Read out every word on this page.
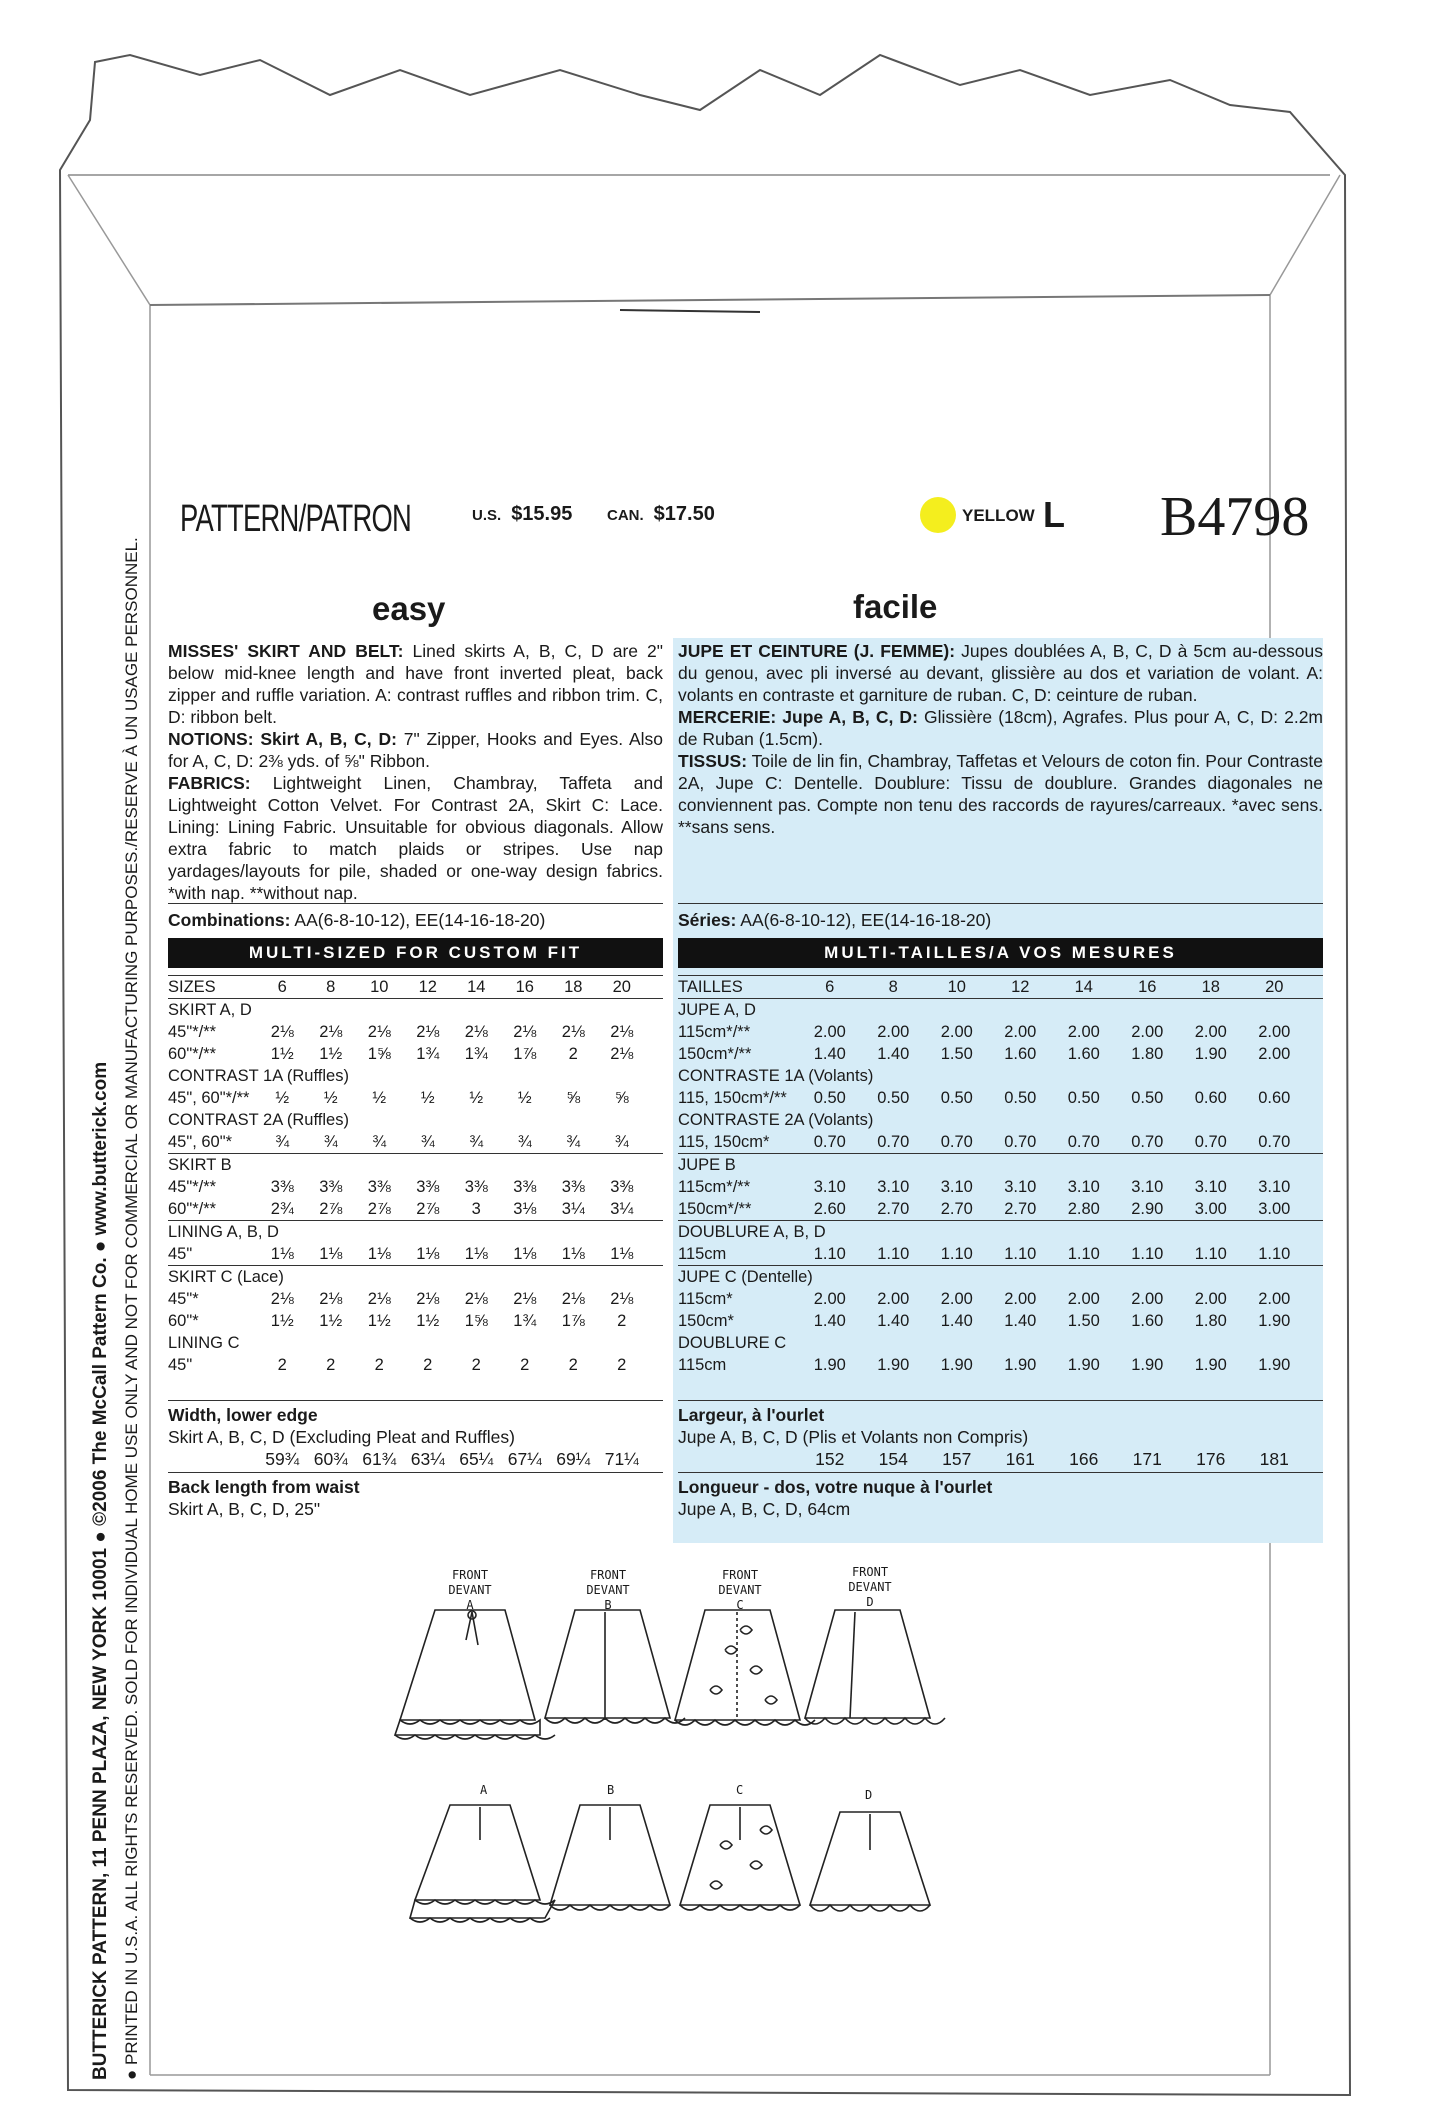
PATTERN/PATRON	U.S. $15.95 CAN. $17.50	YELLOW L B4798
easy	facile
MISSES' SKIRT AND BELT: Lined skirts A, B, C, D are 2" below mid-knee length and have front inverted pleat, back zipper and ruffle variation. A: contrast ruffles and ribbon trim. C, D: ribbon belt.
NOTIONS: Skirt A, B, C, D: 7" Zipper, Hooks and Eyes. Also for A, C, D: 2⅜ yds. of ⅝" Ribbon.
FABRICS: Lightweight Linen, Chambray, Taffeta and Lightweight Cotton Velvet. For Contrast 2A, Skirt C: Lace. Lining: Lining Fabric. Unsuitable for obvious diagonals. Allow extra fabric to match plaids or stripes. Use nap yardages/layouts for pile, shaded or one-way design fabrics. *with nap. **without nap.
JUPE ET CEINTURE (J. FEMME): Jupes doublées A, B, C, D à 5cm au-dessous du genou, avec pli inversé au devant, glissière au dos et variation de volant. A: volants en contraste et garniture de ruban. C, D: ceinture de ruban.
MERCERIE: Jupe A, B, C, D: Glissière (18cm), Agrafes. Plus pour A, C, D: 2.2m de Ruban (1.5cm).
TISSUS: Toile de lin fin, Chambray, Taffetas et Velours de coton fin. Pour Contraste 2A, Jupe C: Dentelle. Doublure: Tissu de doublure. Grandes diagonales ne conviennent pas. Compte non tenu des raccords de rayures/carreaux. *avec sens. **sans sens.
Combinations: AA(6-8-10-12), EE(14-16-18-20)	Séries: AA(6-8-10-12), EE(14-16-18-20)
MULTI-SIZED FOR CUSTOM FIT	MULTI-TAILLES/A VOS MESURES
SIZES	6	8	10	12	14	16	18	20
SKIRT A, D
45"*/**	2⅛	2⅛	2⅛	2⅛	2⅛	2⅛	2⅛	2⅛
60"*/**	1½	1½	1⅝	1¾	1¾	1⅞	2	2⅛
CONTRAST 1A (Ruffles)
45", 60"*/**	½	½	½	½	½	½	⅝	⅝
CONTRAST 2A (Ruffles)
45", 60"*	¾	¾	¾	¾	¾	¾	¾	¾
SKIRT B
45"*/**	3⅜	3⅜	3⅜	3⅜	3⅜	3⅜	3⅜	3⅜
60"*/**	2¾	2⅞	2⅞	2⅞	3	3⅛	3¼	3¼
LINING A, B, D
45"	1⅛	1⅛	1⅛	1⅛	1⅛	1⅛	1⅛	1⅛
SKIRT C (Lace)
45"*	2⅛	2⅛	2⅛	2⅛	2⅛	2⅛	2⅛	2⅛
60"*	1½	1½	1½	1½	1⅝	1¾	1⅞	2
LINING C
45"	2	2	2	2	2	2	2	2
TAILLES	6	8	10	12	14	16	18	20
JUPE A, D
115cm*/**	2.00	2.00	2.00	2.00	2.00	2.00	2.00	2.00
150cm*/**	1.40	1.40	1.50	1.60	1.60	1.80	1.90	2.00
CONTRASTE 1A (Volants)
115, 150cm*/**	0.50	0.50	0.50	0.50	0.50	0.50	0.60	0.60
CONTRASTE 2A (Volants)
115, 150cm*	0.70	0.70	0.70	0.70	0.70	0.70	0.70	0.70
JUPE B
115cm*/**	3.10	3.10	3.10	3.10	3.10	3.10	3.10	3.10
150cm*/**	2.60	2.70	2.70	2.70	2.80	2.90	3.00	3.00
DOUBLURE A, B, D
115cm	1.10	1.10	1.10	1.10	1.10	1.10	1.10	1.10
JUPE C (Dentelle)
115cm*	2.00	2.00	2.00	2.00	2.00	2.00	2.00	2.00
150cm*	1.40	1.40	1.40	1.40	1.50	1.60	1.80	1.90
DOUBLURE C
115cm	1.90	1.90	1.90	1.90	1.90	1.90	1.90	1.90
Width, lower edge
Skirt A, B, C, D (Excluding Pleat and Ruffles)
59¾ 60¾ 61¾ 63¼ 65¼ 67¼ 69¼ 71¼
Back length from waist
Skirt A, B, C, D, 25"
Largeur, à l'ourlet
Jupe A, B, C, D (Plis et Volants non Compris)
152	154	157	161	166	171	176	181
Longueur - dos, votre nuque à l'ourlet
Jupe A, B, C, D, 64cm
FRONT
DEVANT
A
FRONT
DEVANT
B
FRONT
DEVANT
C
FRONT
DEVANT
D
A	B	C	D
BUTTERICK PATTERN, 11 PENN PLAZA, NEW YORK 10001 ● ©2006 The McCall Pattern Co. ● www.butterick.com ● PRINTED IN U.S.A. ALL RIGHTS RESERVED. SOLD FOR INDIVIDUAL HOME USE ONLY AND NOT FOR COMMERCIAL OR MANUFACTURING PURPOSES./RESERVE À UN USAGE PERSONNEL.
